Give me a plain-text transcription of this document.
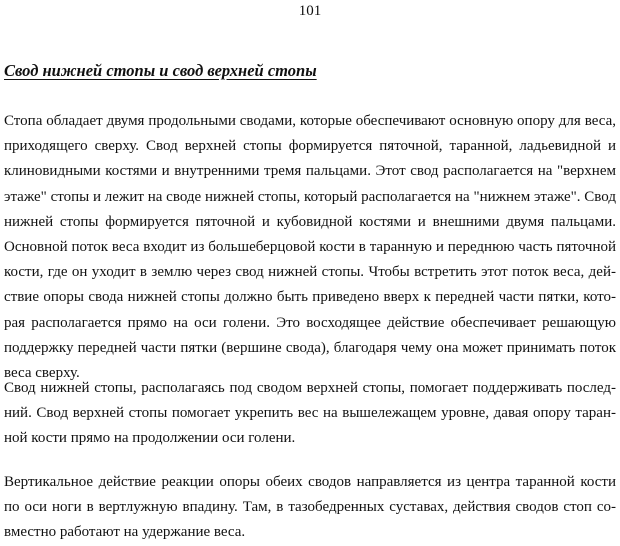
101
Свод нижней стопы и свод верхней стопы
Стопа обладает двумя продольными сводами, которые обеспечивают основную опору для веса,
приходящего сверху. Свод верхней стопы формируется пяточной, таранной, ладьевидной и
клиновидными костями и внутренними тремя пальцами. Этот свод располагается на "верхнем
этаже" стопы и лежит на своде нижней стопы, который располагается на "нижнем этаже". Свод
нижней стопы формируется пяточной и кубовидной костями и внешними двумя пальцами.
Основной поток веса входит из большеберцовой кости в таранную и переднюю часть пяточной
кости, где он уходит в землю через свод нижней стопы. Чтобы встретить этот поток веса, дей-
ствие опоры свода нижней стопы должно быть приведено вверх к передней части пятки, кото-
рая располагается прямо на оси голени. Это восходящее действие обеспечивает решающую
поддержку передней части пятки (вершине свода), благодаря чему она может принимать поток
веса сверху.
Свод нижней стопы, располагаясь под сводом верхней стопы, помогает поддерживать послед-
ний. Свод верхней стопы помогает укрепить вес на вышележащем уровне, давая опору таран-
ной кости прямо на продолжении оси голени.
Вертикальное действие реакции опоры обеих сводов направляется из центра таранной кости
по оси ноги в вертлужную впадину. Там, в тазобедренных суставах, действия сводов стоп со-
вместно работают на удержание веса.
